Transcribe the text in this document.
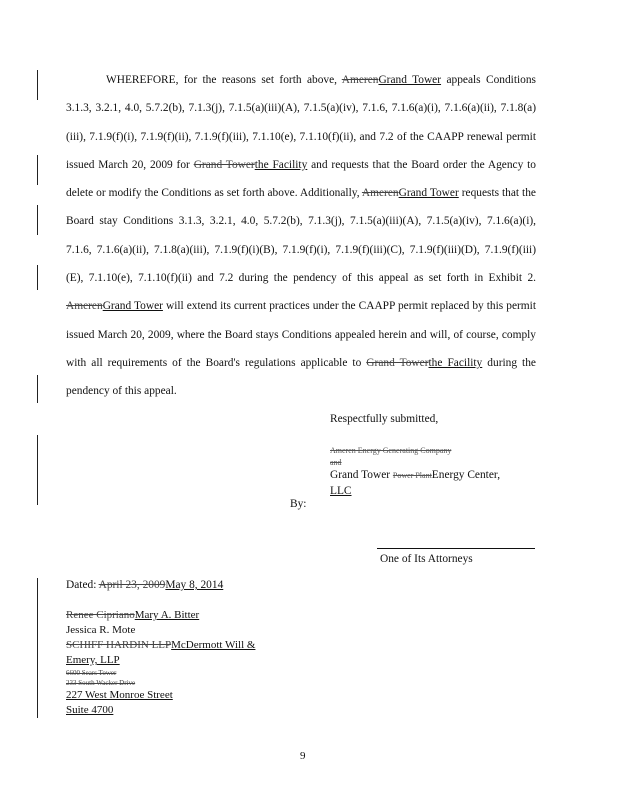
WHEREFORE, for the reasons set forth above, AmerenGrand Tower appeals Conditions 3.1.3, 3.2.1, 4.0, 5.7.2(b), 7.1.3(j), 7.1.5(a)(iii)(A), 7.1.5(a)(iv), 7.1.6, 7.1.6(a)(i), 7.1.6(a)(ii), 7.1.8(a)(iii), 7.1.9(f)(i), 7.1.9(f)(ii), 7.1.9(f)(iii), 7.1.10(e), 7.1.10(f)(ii), and 7.2 of the CAAPP renewal permit issued March 20, 2009 for Grand Towerthe Facility and requests that the Board order the Agency to delete or modify the Conditions as set forth above. Additionally, AmerenGrand Tower requests that the Board stay Conditions 3.1.3, 3.2.1, 4.0, 5.7.2(b), 7.1.3(j), 7.1.5(a)(iii)(A), 7.1.5(a)(iv), 7.1.6(a)(i), 7.1.6, 7.1.6(a)(ii), 7.1.8(a)(iii), 7.1.9(f)(i)(B), 7.1.9(f)(i), 7.1.9(f)(iii)(C), 7.1.9(f)(iii)(D), 7.1.9(f)(iii)(E), 7.1.10(e), 7.1.10(f)(ii) and 7.2 during the pendency of this appeal as set forth in Exhibit 2. AmerenGrand Tower will extend its current practices under the CAAPP permit replaced by this permit issued March 20, 2009, where the Board stays Conditions appealed herein and will, of course, comply with all requirements of the Board's regulations applicable to Grand Towerthe Facility during the pendency of this appeal.

Respectfully submitted,
Ameren Energy Generating Company
and
Grand Tower Power PlantEnergy Center,
LLC
By:
One of Its Attorneys
Dated: April 23, 2009May 8, 2014
Renee CiprianoMary A. Bitter
Jessica R. Mote
SCHIFF HARDIN LLPMcDermott Will &
Emery, LLP
6600 Sears Tower
233 South Wacker Drive
227 West Monroe Street
Suite 4700
9
